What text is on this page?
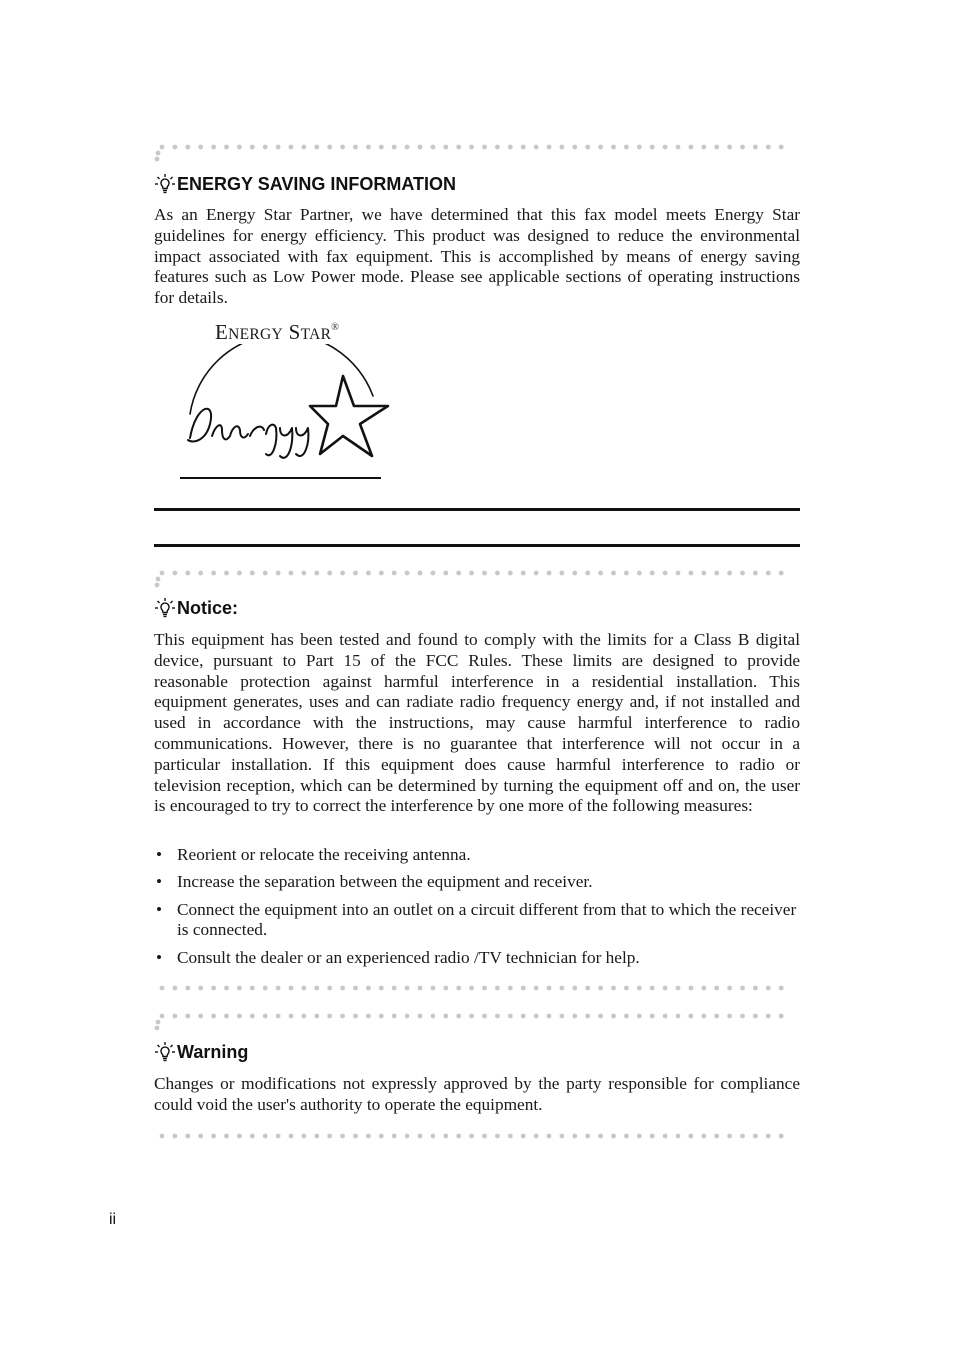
ENERGY SAVING INFORMATION

As an Energy Star Partner, we have determined that this fax model meets Energy Star guidelines for energy efficiency. This product was designed to reduce the environmental impact associated with fax equipment. This is accomplished by means of energy saving features such as Low Power mode. Please see applicable sections of operating instructions for details.

ENERGY STAR®
Notice:

This equipment has been tested and found to comply with the limits for a Class B digital device, pursuant to Part 15 of the FCC Rules. These limits are designed to provide reasonable protection against harmful interference in a residential installation. This equipment generates, uses and can radiate radio frequency energy and, if not installed and used in accordance with the instructions, may cause harmful interference to radio communications. However, there is no guarantee that interference will not occur in a particular installation. If this equipment does cause harmful interference to radio or television reception, which can be determined by turning the equipment off and on, the user is encouraged to try to correct the interference by one more of the following measures:

• Reorient or relocate the receiving antenna.
• Increase the separation between the equipment and receiver.
• Connect the equipment into an outlet on a circuit different from that to which the receiver is connected.
• Consult the dealer or an experienced radio /TV technician for help.
Warning

Changes or modifications not expressly approved by the party responsible for compliance could void the user's authority to operate the equipment.

ii
